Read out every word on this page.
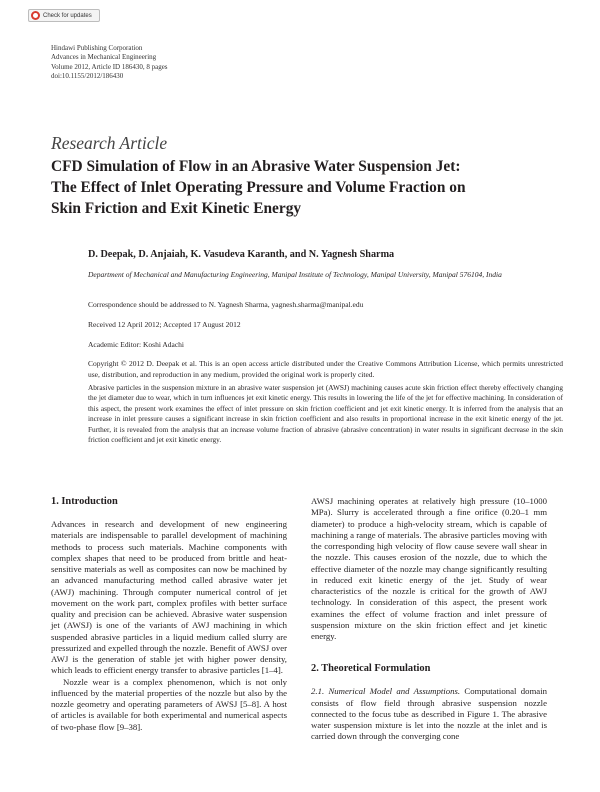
Check for updates
Hindawi Publishing Corporation
Advances in Mechanical Engineering
Volume 2012, Article ID 186430, 8 pages
doi:10.1155/2012/186430
Research Article
CFD Simulation of Flow in an Abrasive Water Suspension Jet:
The Effect of Inlet Operating Pressure and Volume Fraction on
Skin Friction and Exit Kinetic Energy
D. Deepak, D. Anjaiah, K. Vasudeva Karanth, and N. Yagnesh Sharma
Department of Mechanical and Manufacturing Engineering, Manipal Institute of Technology, Manipal University, Manipal 576104, India
Correspondence should be addressed to N. Yagnesh Sharma, yagnesh.sharma@manipal.edu
Received 12 April 2012; Accepted 17 August 2012
Academic Editor: Koshi Adachi
Copyright © 2012 D. Deepak et al. This is an open access article distributed under the Creative Commons Attribution License, which permits unrestricted use, distribution, and reproduction in any medium, provided the original work is properly cited.
Abrasive particles in the suspension mixture in an abrasive water suspension jet (AWSJ) machining causes acute skin friction effect thereby effectively changing the jet diameter due to wear, which in turn influences jet exit kinetic energy. This results in lowering the life of the jet for effective machining. In consideration of this aspect, the present work examines the effect of inlet pressure on skin friction coefficient and jet exit kinetic energy. It is inferred from the analysis that an increase in inlet pressure causes a significant increase in skin friction coefficient and also results in proportional increase in the exit kinetic energy of the jet. Further, it is revealed from the analysis that an increase volume fraction of abrasive (abrasive concentration) in water results in significant decrease in the skin friction coefficient and jet exit kinetic energy.
1. Introduction

Advances in research and development of new engineering materials are indispensable to parallel development of machining methods to process such materials. Machine components with complex shapes that need to be produced from brittle and heat-sensitive materials as well as composites can now be machined by an advanced manufacturing method called abrasive water jet (AWJ) machining. Through computer numerical control of jet movement on the work part, complex profiles with better surface quality and precision can be achieved. Abrasive water suspension jet (AWSJ) is one of the variants of AWJ machining in which suspended abrasive particles in a liquid medium called slurry are pressurized and expelled through the nozzle. Benefit of AWSJ over AWJ is the generation of stable jet with higher power density, which leads to efficient energy transfer to abrasive particles [1–4].

Nozzle wear is a complex phenomenon, which is not only influenced by the material properties of the nozzle but also by the nozzle geometry and operating parameters of AWSJ [5–8]. A host of articles is available for both experimental and numerical aspects of two-phase flow [9–38].

AWSJ machining operates at relatively high pressure (10–1000 MPa). Slurry is accelerated through a fine orifice (0.20–1 mm diameter) to produce a high-velocity stream, which is capable of machining a range of materials. The abrasive particles moving with the corresponding high velocity of flow cause severe wall shear in the nozzle. This causes erosion of the nozzle, due to which the effective diameter of the nozzle may change significantly resulting in reduced exit kinetic energy of the jet. Study of wear characteristics of the nozzle is critical for the growth of AWJ technology. In consideration of this aspect, the present work examines the effect of volume fraction and inlet pressure of suspension mixture on the skin friction effect and jet kinetic energy.

2. Theoretical Formulation

2.1. Numerical Model and Assumptions. Computational domain consists of flow field through abrasive suspension nozzle connected to the focus tube as described in Figure 1. The abrasive water suspension mixture is let into the nozzle at the inlet and is carried down through the converging cone
